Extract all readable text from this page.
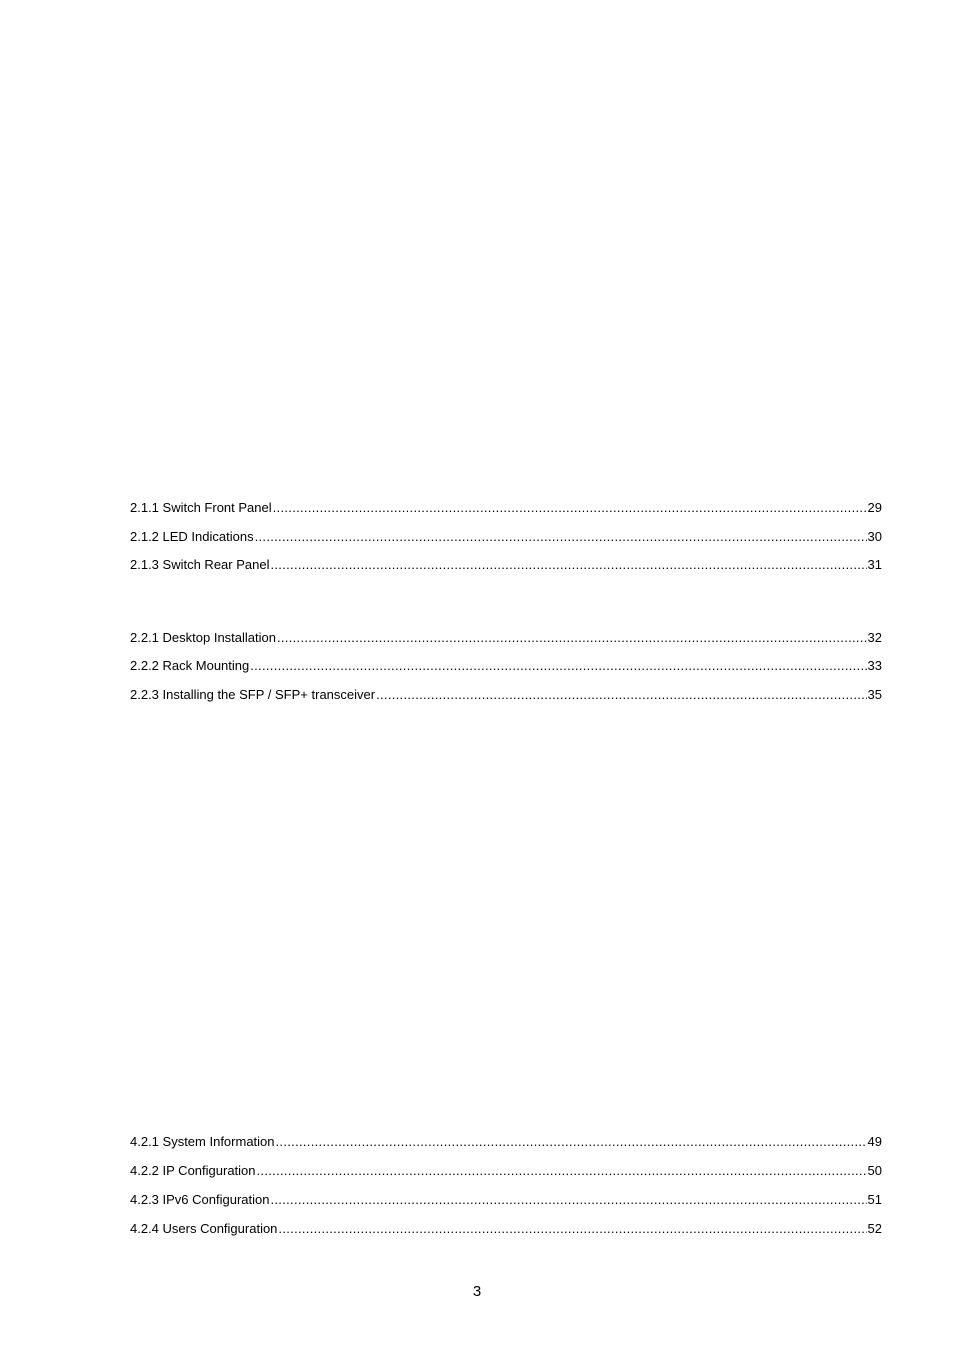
2.1.1 Switch Front Panel .....	29
2.1.2 LED Indications .....	30
2.1.3 Switch Rear Panel .....	31
2.2.1 Desktop Installation .....	32
2.2.2 Rack Mounting .....	33
2.2.3 Installing the SFP / SFP+ transceiver .....	35
4.2.1 System Information .....	49
4.2.2 IP Configuration .....	50
4.2.3 IPv6 Configuration .....	51
4.2.4 Users Configuration .....	52
3
